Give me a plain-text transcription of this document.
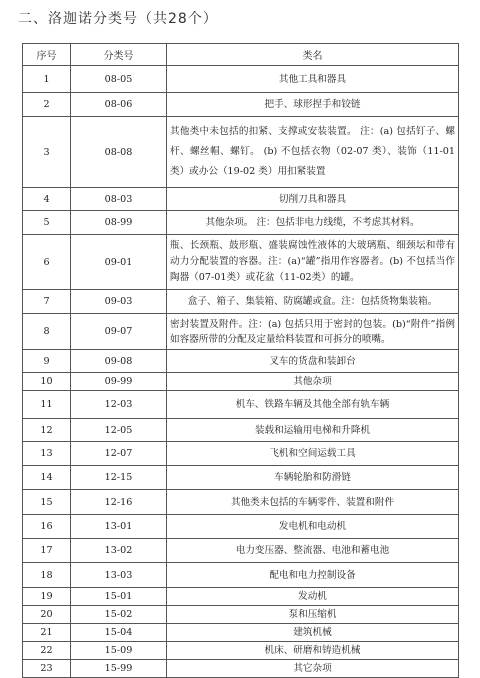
二、洛迦诺分类号（共28个）
序号	分类号	类名
1	08-05	其他工具和器具
2	08-06	把手、球形捏手和铰链
3	08-08	其他类中未包括的扣紧、支撑或安装装置。 注：(a) 包括钉子、螺杆、螺丝帽、螺钉。 (b) 不包括衣物（02-07 类）、装饰（11-01 类）或办公（19-02 类）用扣紧装置
4	08-03	切削刀具和器具
5	08-99	其他杂项。 注：包括非电力线缆，不考虑其材料。
6	09-01	瓶、长颈瓶、鼓形瓶、盛装腐蚀性液体的大玻璃瓶、细颈坛和带有动力分配装置的容器。注：(a)“罐”指用作容器者。(b) 不包括当作陶器（07-01类）或花盆（11-02类）的罐。
7	09-03	盒子、箱子、集装箱、防腐罐或盒。注：包括货物集装箱。
8	09-07	密封装置及附件。注：(a) 包括只用于密封的包装。(b)“附件”指例如容器所带的分配及定量给料装置和可拆分的喷嘴。
9	09-08	叉车的货盘和装卸台
10	09-99	其他杂项
11	12-03	机车、铁路车辆及其他全部有轨车辆
12	12-05	装载和运输用电梯和升降机
13	12-07	飞机和空间运载工具
14	12-15	车辆轮胎和防滑链
15	12-16	其他类未包括的车辆零件、装置和附件
16	13-01	发电机和电动机
17	13-02	电力变压器、整流器、电池和蓄电池
18	13-03	配电和电力控制设备
19	15-01	发动机
20	15-02	泵和压缩机
21	15-04	建筑机械
22	15-09	机床、研磨和铸造机械
23	15-99	其它杂项
